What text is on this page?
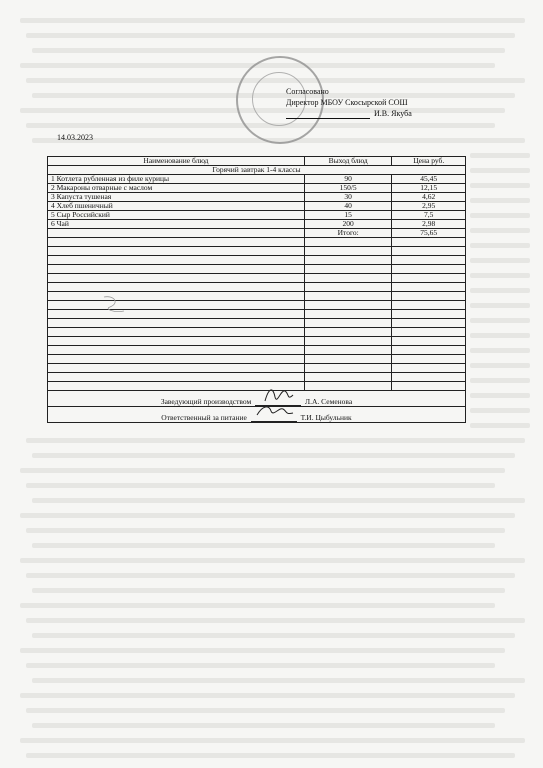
Согласовано
Директор МБОУ Скосырской СОШ
И.В. Якуба
14.03.2023
Наименование блюд	Выход блюд	Цена руб.
Горячий завтрак 1-4 классы		
1 Котлета рубленная из филе курицы	90	45,45
2 Макароны отварные с маслом	150/5	12,15
3 Капуста тушеная	30	4,62
4 Хлеб пшеничный	40	2,95
5 Сыр Российский	15	7,5
6 Чай	200	2,98
	Итого:	75,65

Заведующий производством Л.А. Семенова		
Ответственный за питание Т.И. Цыбульник		
